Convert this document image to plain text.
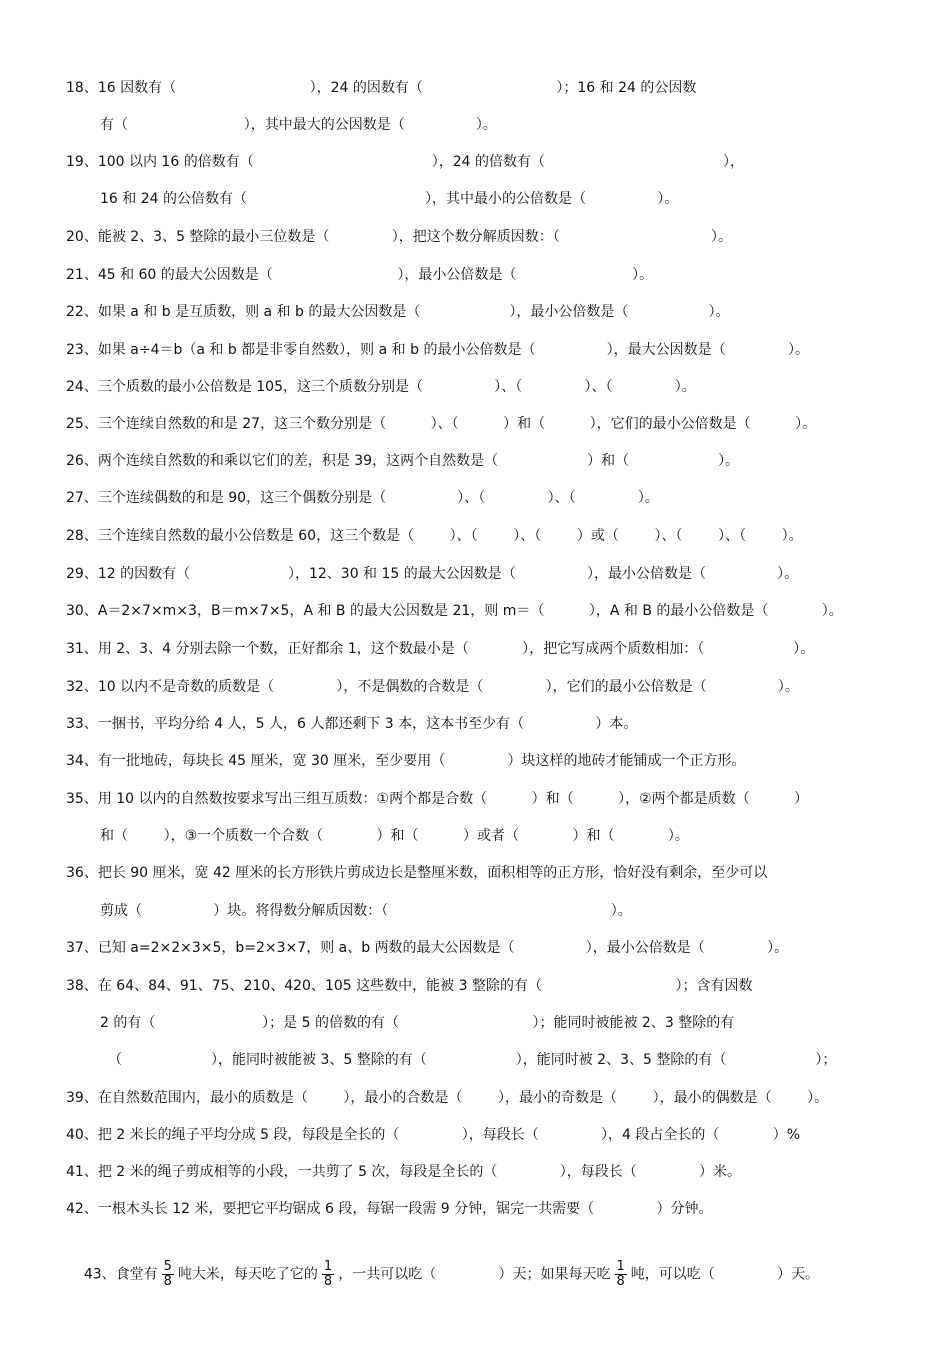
18、16 因数有（                              ），24 的因数有（                              ）；16 和 24 的公因数
有（                          ），其中最大的公因数是（                ）。
19、100 以内 16 的倍数有（                                        ），24 的倍数有（                                        ），
16 和 24 的公倍数有（                                        ），其中最小的公倍数是（                ）。
20、能被 2、3、5 整除的最小三位数是（              ），把这个数分解质因数：（                                  ）。
21、45 和 60 的最大公因数是（                            ），最小公倍数是（                          ）。
22、如果 a 和 b 是互质数，则 a 和 b 的最大公因数是（                    ），最小公倍数是（                  ）。
23、如果 a÷4＝b（a 和 b 都是非零自然数），则 a 和 b 的最小公倍数是（                ），最大公因数是（              ）。
24、三个质数的最小公倍数是 105，这三个质数分别是（                ）、（              ）、（              ）。
25、三个连续自然数的和是 27，这三个数分别是（          ）、（          ）和（          ），它们的最小公倍数是（          ）。
26、两个连续自然数的和乘以它们的差，积是 39，这两个自然数是（                    ）和（                    ）。
27、三个连续偶数的和是 90，这三个偶数分别是（                ）、（              ）、（              ）。
28、三个连续自然数的最小公倍数是 60，这三个数是（        ）、（        ）、（        ）或（        ）、（        ）、（        ）。
29、12 的因数有（                      ），12、30 和 15 的最大公因数是（                ），最小公倍数是（                ）。
30、A＝2×7×m×3，B＝m×7×5，A 和 B 的最大公因数是 21，则 m＝（          ），A 和 B 的最小公倍数是（            ）。
31、用 2、3、4 分别去除一个数，正好都余 1，这个数最小是（            ），把它写成两个质数相加：（                    ）。
32、10 以内不是奇数的质数是（              ），不是偶数的合数是（              ），它们的最小公倍数是（                ）。
33、一捆书，平均分给 4 人，5 人，6 人都还剩下 3 本，这本书至少有（                ）本。
34、有一批地砖，每块长 45 厘米，宽 30 厘米，至少要用（              ）块这样的地砖才能铺成一个正方形。
35、用 10 以内的自然数按要求写出三组互质数：①两个都是合数（          ）和（          ），②两个都是质数（          ）
和（        ），③一个质数一个合数（            ）和（          ）或者（            ）和（            ）。
36、把长 90 厘米，宽 42 厘米的长方形铁片剪成边长是整厘米数，面积相等的正方形，恰好没有剩余，至少可以
剪成（                ）块。将得数分解质因数：（                                                  ）。
37、已知 a=2×2×3×5，b=2×3×7，则 a、b 两数的最大公因数是（                ），最小公倍数是（              ）。
38、在 64、84、91、75、210、420、105 这些数中，能被 3 整除的有（                              ）；含有因数
2 的有（                        ）；是 5 的倍数的有（                              ）；能同时被能被 2、3 整除的有
（                    ），能同时被能被 3、5 整除的有（                    ），能同时被 2、3、5 整除的有（                    ）；
39、在自然数范围内，最小的质数是（        ），最小的合数是（        ），最小的奇数是（        ），最小的偶数是（        ）。
40、把 2 米长的绳子平均分成 5 段，每段是全长的（              ），每段长（              ），4 段占全长的（            ）%
41、把 2 米的绳子剪成相等的小段，一共剪了 5 次，每段是全长的（              ），每段长（              ）米。
42、一根木头长 12 米，要把它平均锯成 6 段，每锯一段需 9 分钟，锯完一共需要（              ）分钟。

43、食堂有 $\frac{5}{8}$ 吨大米，每天吃了它的 $\frac{1}{8}$ ，一共可以吃（              ）天；如果每天吃 $\frac{1}{8}$ 吨，可以吃（              ）天。
